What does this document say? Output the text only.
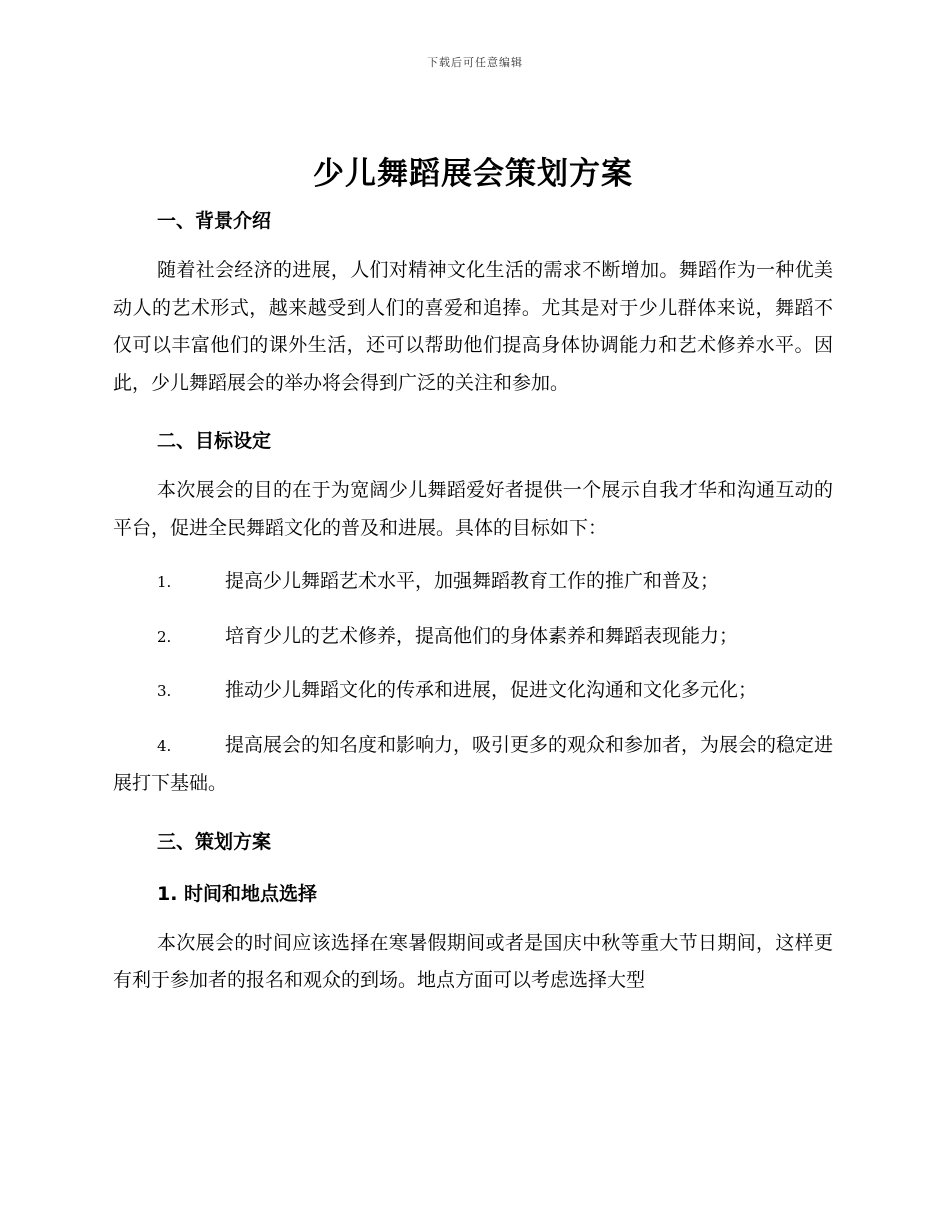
下载后可任意编辑
少儿舞蹈展会策划方案
一、背景介绍

随着社会经济的进展，人们对精神文化生活的需求不断增加。舞蹈作为一种优美动人的艺术形式，越来越受到人们的喜爱和追捧。尤其是对于少儿群体来说，舞蹈不仅可以丰富他们的课外生活，还可以帮助他们提高身体协调能力和艺术修养水平。因此，少儿舞蹈展会的举办将会得到广泛的关注和参加。

二、目标设定

本次展会的目的在于为宽阔少儿舞蹈爱好者提供一个展示自我才华和沟通互动的平台，促进全民舞蹈文化的普及和进展。具体的目标如下：

1.	提高少儿舞蹈艺术水平，加强舞蹈教育工作的推广和普及；
2.	培育少儿的艺术修养，提高他们的身体素养和舞蹈表现能力；
3.	推动少儿舞蹈文化的传承和进展，促进文化沟通和文化多元化；
4.	提高展会的知名度和影响力，吸引更多的观众和参加者，为展会的稳定进展打下基础。
三、策划方案
1. 时间和地点选择

本次展会的时间应该选择在寒暑假期间或者是国庆中秋等重大节日期间，这样更有利于参加者的报名和观众的到场。地点方面可以考虑选择大型
